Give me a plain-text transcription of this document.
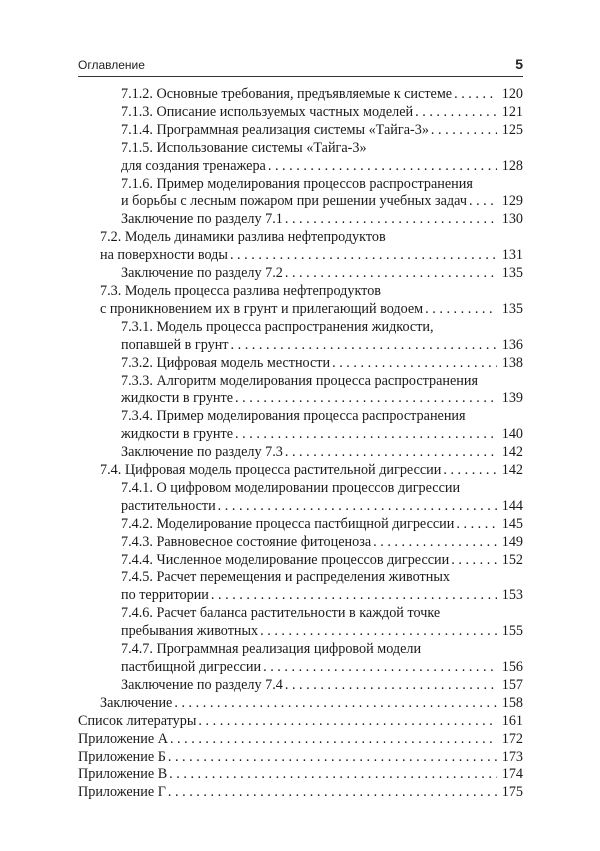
Оглавление	5
7.1.2. Основные требования, предъявляемые к системе . . .	120
7.1.3. Описание используемых частных моделей . . .	121
7.1.4. Программная реализация системы «Тайга-3» . . .	125
7.1.5. Использование системы «Тайга-3»
для создания тренажера . . .	128
7.1.6. Пример моделирования процессов распространения
и борьбы с лесным пожаром при решении учебных задач . . . 129
Заключение по разделу 7.1 . . .	130
7.2. Модель динамики разлива нефтепродуктов
на поверхности воды . . .	131
Заключение по разделу 7.2 . . .	135
7.3. Модель процесса разлива нефтепродуктов
с проникновением их в грунт и прилегающий водоем . . .	135
7.3.1. Модель процесса распространения жидкости,
попавшей в грунт . . .	136
7.3.2. Цифровая модель местности . . .	138
7.3.3. Алгоритм моделирования процесса распространения
жидкости в грунте . . .	139
7.3.4. Пример моделирования процесса распространения
жидкости в грунте . . .	140
Заключение по разделу 7.3 . . .	142
7.4. Цифровая модель процесса растительной дигрессии . . .	142
7.4.1. О цифровом моделировании процессов дигрессии
растительности . . .	144
7.4.2. Моделирование процесса пастбищной дигрессии . . .	145
7.4.3. Равновесное состояние фитоценоза . . .	149
7.4.4. Численное моделирование процессов дигрессии . . .	152
7.4.5. Расчет перемещения и распределения животных
по территории . . .	153
7.4.6. Расчет баланса растительности в каждой точке
пребывания животных . . .	155
7.4.7. Программная реализация цифровой модели
пастбищной дигрессии . . .	156
Заключение по разделу 7.4 . . .	157
Заключение . . .	158
Список литературы . . .	161
Приложение А . . .	172
Приложение Б . . .	173
Приложение В . . .	174
Приложение Г . . .	175
